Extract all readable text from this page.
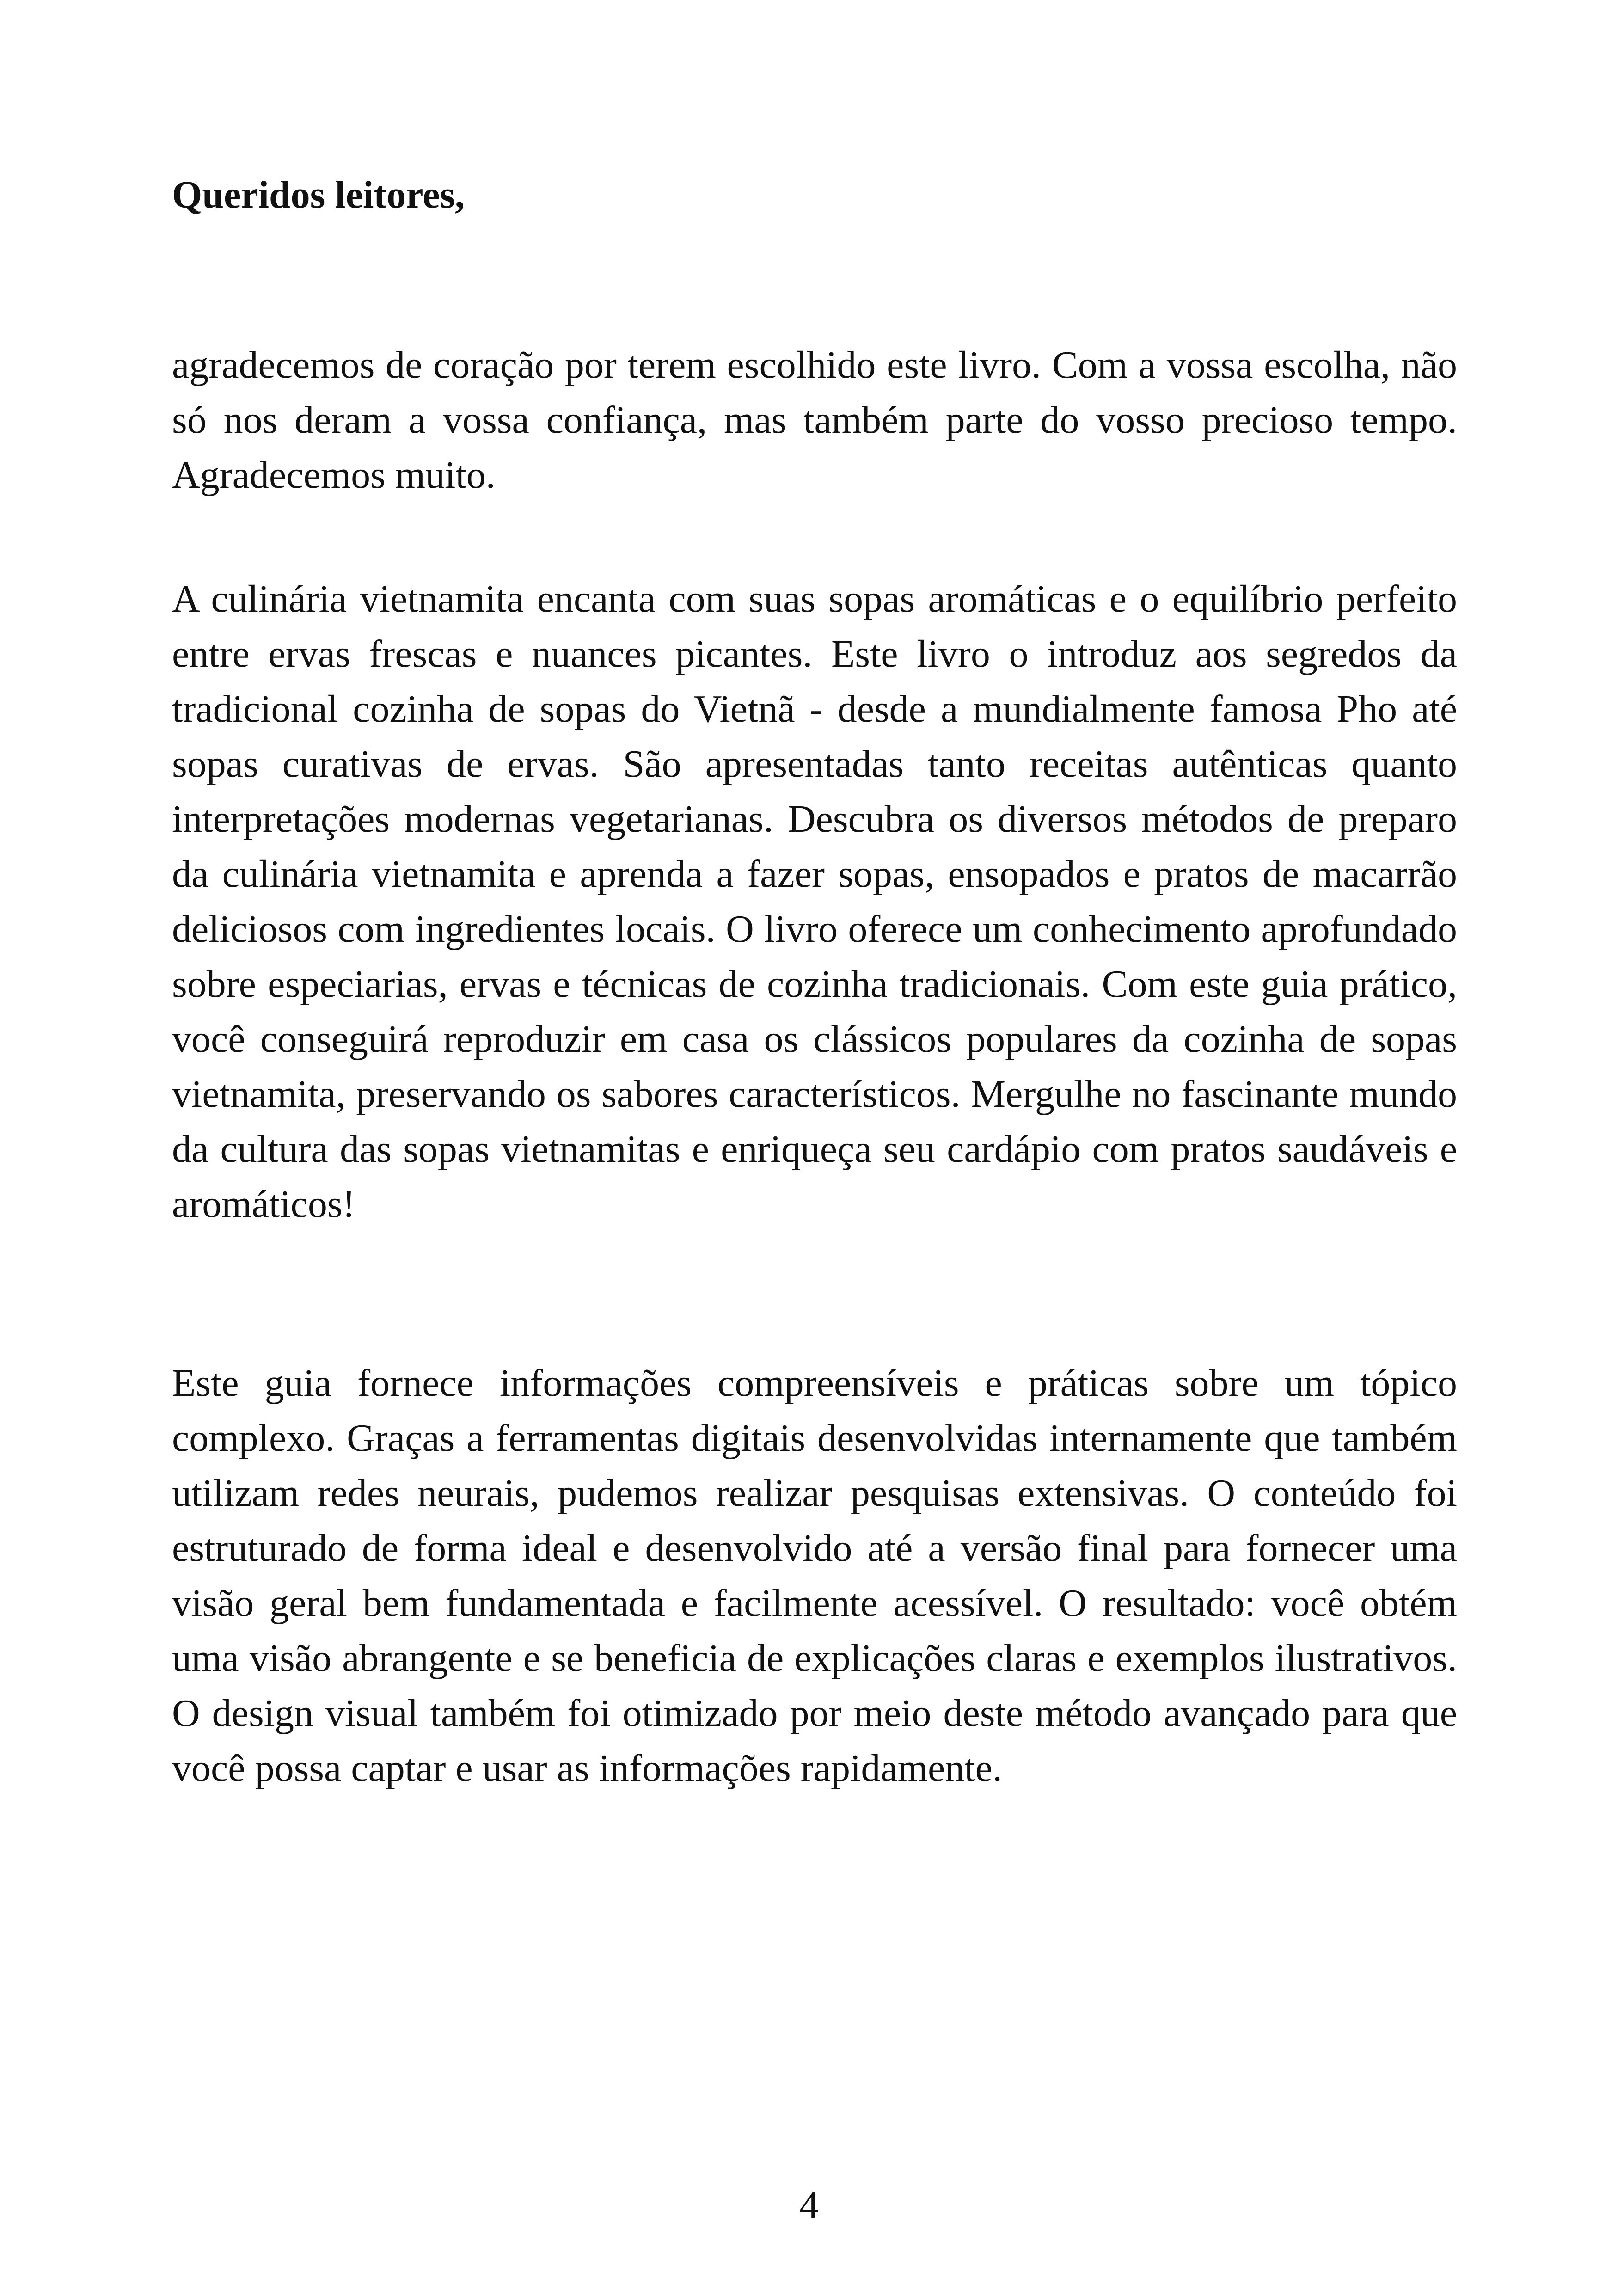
Queridos leitores,

agradecemos de coração por terem escolhido este livro. Com a vossa escolha, não só nos deram a vossa confiança, mas também parte do vosso precioso tempo. Agradecemos muito.

A culinária vietnamita encanta com suas sopas aromáticas e o equilíbrio perfeito entre ervas frescas e nuances picantes. Este livro o introduz aos segredos da tradicional cozinha de sopas do Vietnã - desde a mundialmente famosa Pho até sopas curativas de ervas. São apresentadas tanto receitas autênticas quanto interpretações modernas vegetarianas. Descubra os diversos métodos de preparo da culinária vietnamita e aprenda a fazer sopas, ensopados e pratos de macarrão deliciosos com ingredientes locais. O livro oferece um conhecimento aprofundado sobre especiarias, ervas e técnicas de cozinha tradicionais. Com este guia prático, você conseguirá reproduzir em casa os clássicos populares da cozinha de sopas vietnamita, preservando os sabores característicos. Mergulhe no fascinante mundo da cultura das sopas vietnamitas e enriqueça seu cardápio com pratos saudáveis e aromáticos!

Este guia fornece informações compreensíveis e práticas sobre um tópico complexo. Graças a ferramentas digitais desenvolvidas internamente que também utilizam redes neurais, pudemos realizar pesquisas extensivas. O conteúdo foi estruturado de forma ideal e desenvolvido até a versão final para fornecer uma visão geral bem fundamentada e facilmente acessível. O resultado: você obtém uma visão abrangente e se beneficia de explicações claras e exemplos ilustrativos. O design visual também foi otimizado por meio deste método avançado para que você possa captar e usar as informações rapidamente.

4
